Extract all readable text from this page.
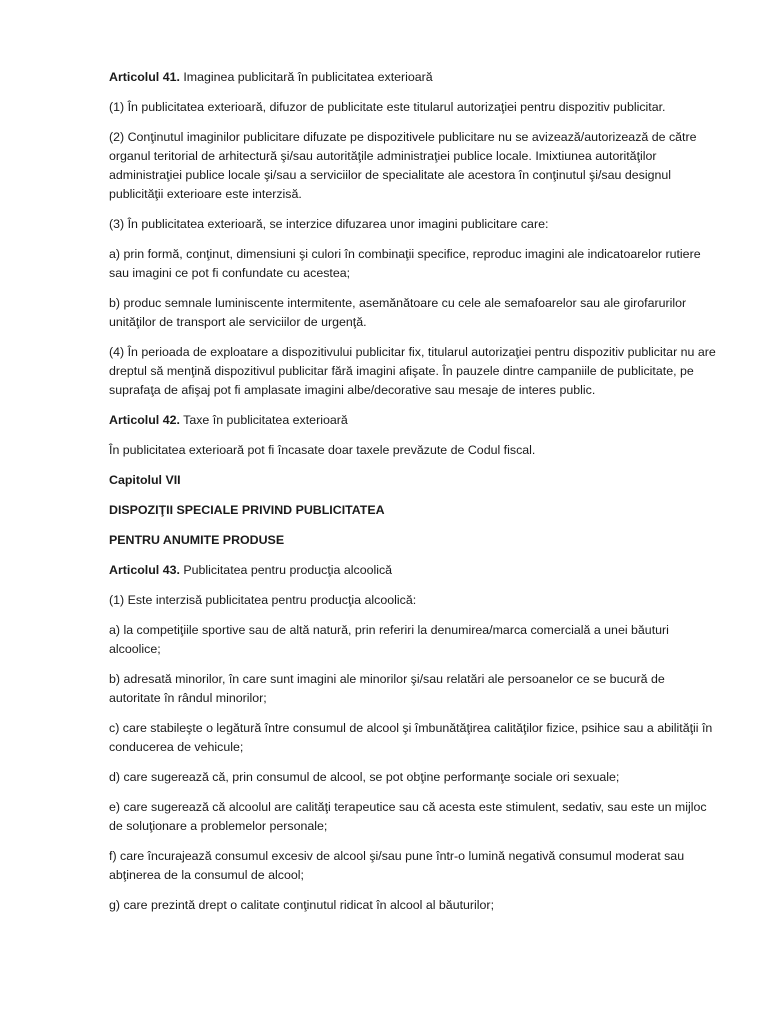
Articolul 41. Imaginea publicitară în publicitatea exterioară

(1) În publicitatea exterioară, difuzor de publicitate este titularul autorizaţiei pentru dispozitiv publicitar.

(2) Conţinutul imaginilor publicitare difuzate pe dispozitivele publicitare nu se avizează/autorizează de către organul teritorial de arhitectură şi/sau autorităţile administraţiei publice locale. Imixtiunea autorităţilor administraţiei publice locale şi/sau a serviciilor de specialitate ale acestora în conţinutul şi/sau designul publicităţii exterioare este interzisă.

(3) În publicitatea exterioară, se interzice difuzarea unor imagini publicitare care:

a) prin formă, conţinut, dimensiuni şi culori în combinaţii specifice, reproduc imagini ale indicatoarelor rutiere sau imagini ce pot fi confundate cu acestea;

b) produc semnale luminiscente intermitente, asemănătoare cu cele ale semafoarelor sau ale girofarurilor unităţilor de transport ale serviciilor de urgenţă.

(4) În perioada de exploatare a dispozitivului publicitar fix, titularul autorizaţiei pentru dispozitiv publicitar nu are dreptul să menţină dispozitivul publicitar fără imagini afişate. În pauzele dintre campaniile de publicitate, pe suprafaţa de afişaj pot fi amplasate imagini albe/decorative sau mesaje de interes public.

Articolul 42. Taxe în publicitatea exterioară

În publicitatea exterioară pot fi încasate doar taxele prevăzute de Codul fiscal.

Capitolul VII

DISPOZIŢII SPECIALE PRIVIND PUBLICITATEA

PENTRU ANUMITE PRODUSE

Articolul 43. Publicitatea pentru producţia alcoolică

(1) Este interzisă publicitatea pentru producţia alcoolică:

a) la competiţiile sportive sau de altă natură, prin referiri la denumirea/marca comercială a unei băuturi alcoolice;

b) adresată minorilor, în care sunt imagini ale minorilor şi/sau relatări ale persoanelor ce se bucură de autoritate în rândul minorilor;

c) care stabileşte o legătură între consumul de alcool şi îmbunătăţirea calităţilor fizice, psihice sau a abilităţii în conducerea de vehicule;

d) care sugerează că, prin consumul de alcool, se pot obţine performanţe sociale ori sexuale;

e) care sugerează că alcoolul are calităţi terapeutice sau că acesta este stimulent, sedativ, sau este un mijloc de soluţionare a problemelor personale;

f) care încurajează consumul excesiv de alcool şi/sau pune într-o lumină negativă consumul moderat sau abţinerea de la consumul de alcool;

g) care prezintă drept o calitate conţinutul ridicat în alcool al băuturilor;
